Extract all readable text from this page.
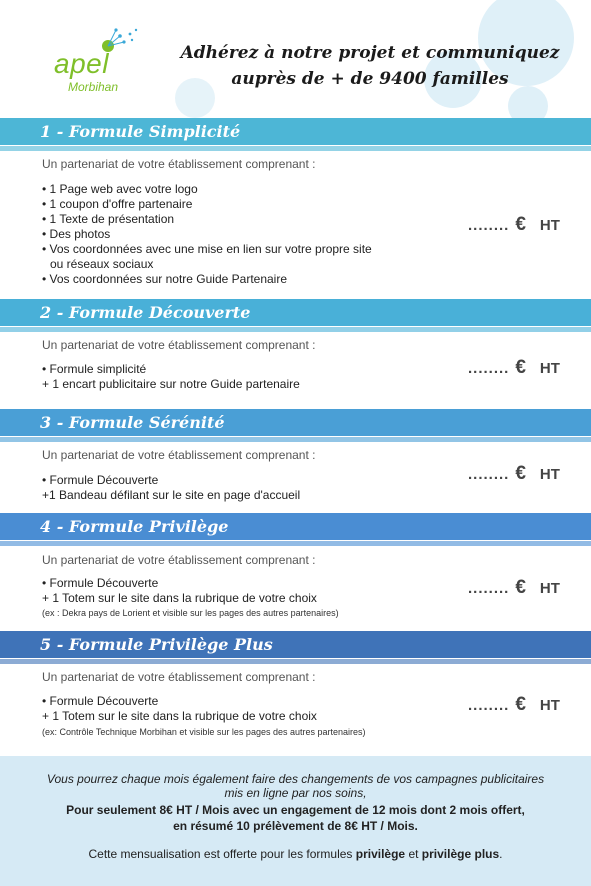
apel
Morbihan
Adhérez à notre projet et communiquez
auprès de + de 9400 familles
1 - Formule Simplicité
Un partenariat de votre établissement comprenant :
• 1 Page web avec votre logo
• 1 coupon d'offre partenaire
• 1 Texte de présentation
• Des photos
• Vos coordonnées avec une mise en lien sur votre propre site
ou réseaux sociaux
• Vos coordonnées sur notre Guide Partenaire
........ € HT
2 - Formule Découverte
Un partenariat de votre établissement comprenant :
• Formule simplicité
+ 1 encart publicitaire sur notre Guide partenaire
........ € HT
3 - Formule Sérénité
Un partenariat de votre établissement comprenant :
• Formule Découverte
+1 Bandeau défilant sur le site en page d'accueil
........ € HT
4 - Formule Privilège
Un partenariat de votre établissement comprenant :
• Formule Découverte
+ 1 Totem sur le site dans la rubrique de votre choix
(ex : Dekra pays de Lorient et visible sur les pages des autres partenaires)
........ € HT
5 - Formule Privilège Plus
Un partenariat de votre établissement comprenant :
• Formule Découverte
+ 1 Totem sur le site dans la rubrique de votre choix
(ex: Contrôle Technique Morbihan et visible sur les pages des autres partenaires)
........ € HT
Vous pourrez chaque mois également faire des changements de vos campagnes publicitaires
mis en ligne par nos soins,
Pour seulement 8€ HT / Mois avec un engagement de 12 mois dont 2 mois offert,
en résumé 10 prélèvement de 8€ HT / Mois.
Cette mensualisation est offerte pour les formules privilège et privilège plus.
